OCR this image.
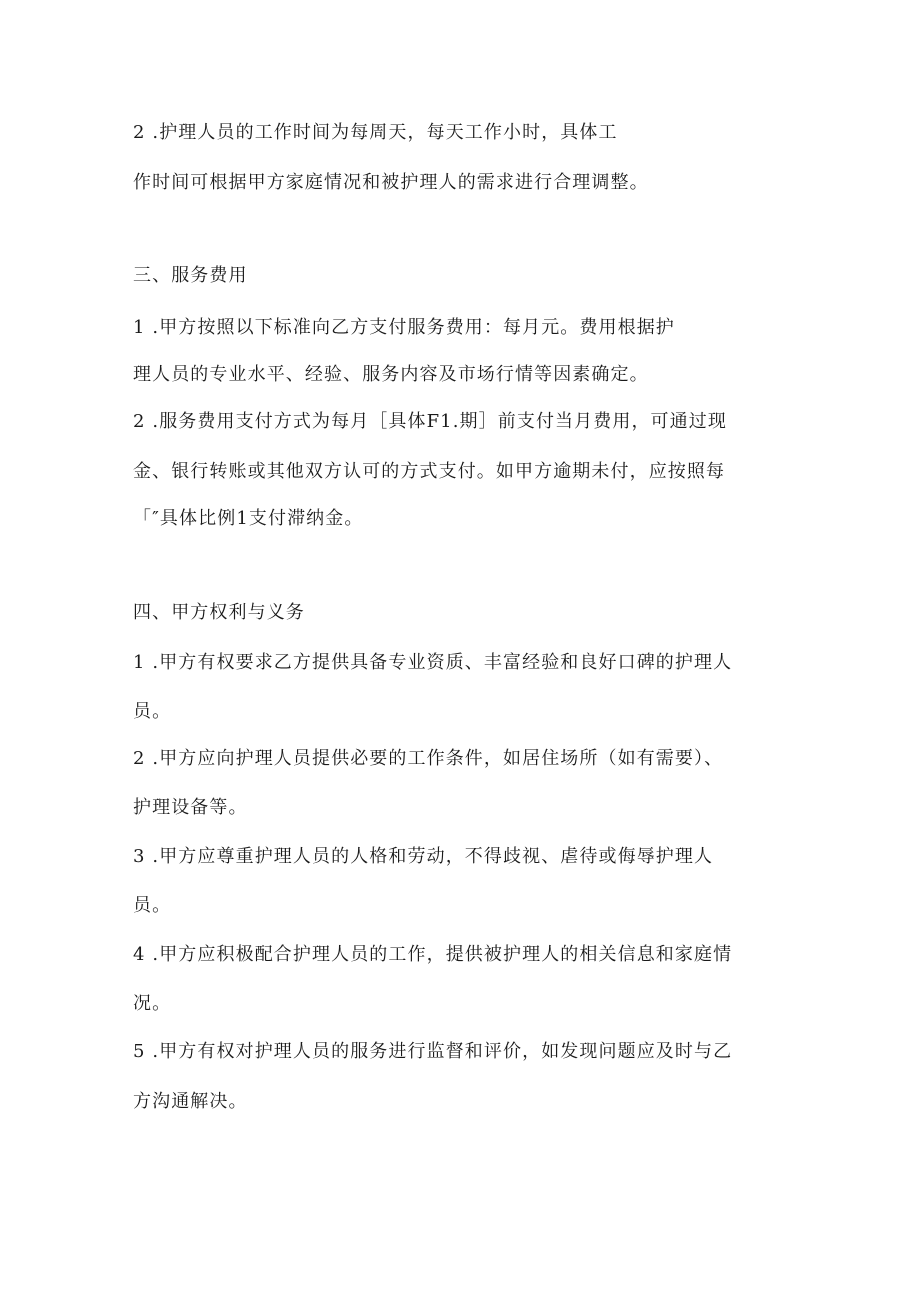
2 .护理人员的工作时间为每周天，每天工作小时，具体工
作时间可根据甲方家庭情况和被护理人的需求进行合理调整。
三、服务费用
1 .甲方按照以下标准向乙方支付服务费用：每月元。费用根据护
理人员的专业水平、经验、服务内容及市场行情等因素确定。
2 .服务费用支付方式为每月［具体F1.期］前支付当月费用，可通过现
金、银行转账或其他双方认可的方式支付。如甲方逾期未付，应按照每
「″具体比例1支付滞纳金。
四、甲方权利与义务
1 .甲方有权要求乙方提供具备专业资质、丰富经验和良好口碑的护理人
员。
2 .甲方应向护理人员提供必要的工作条件，如居住场所（如有需要）、
护理设备等。
3 .甲方应尊重护理人员的人格和劳动，不得歧视、虐待或侮辱护理人
员。
4 .甲方应积极配合护理人员的工作，提供被护理人的相关信息和家庭情
况。
5 .甲方有权对护理人员的服务进行监督和评价，如发现问题应及时与乙
方沟通解决。
